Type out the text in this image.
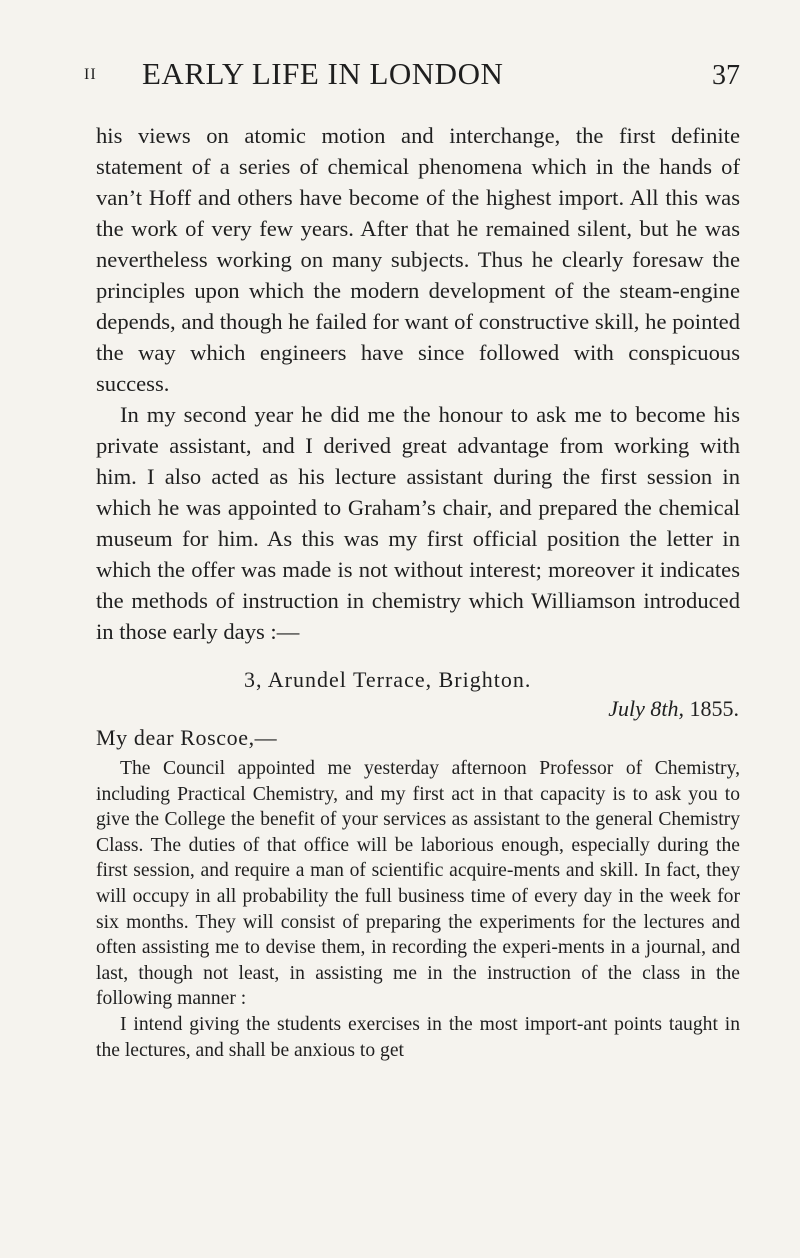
II EARLY LIFE IN LONDON	37

his views on atomic motion and interchange, the first definite statement of a series of chemical phenomena which in the hands of van’t Hoff and others have become of the highest import. All this was the work of very few years. After that he remained silent, but he was nevertheless working on many subjects. Thus he clearly foresaw the principles upon which the modern development of the steam-engine depends, and though he failed for want of constructive skill, he pointed the way which engineers have since followed with conspicuous success.

In my second year he did me the honour to ask me to become his private assistant, and I derived great advantage from working with him. I also acted as his lecture assistant during the first session in which he was appointed to Graham’s chair, and prepared the chemical museum for him. As this was my first official position the letter in which the offer was made is not without interest; moreover it indicates the methods of instruction in chemistry which Williamson introduced in those early days :—

3, Arundel Terrace, Brighton.
July 8th, 1855.
My dear Roscoe,—

The Council appointed me yesterday afternoon Professor of Chemistry, including Practical Chemistry, and my first act in that capacity is to ask you to give the College the benefit of your services as assistant to the general Chemistry Class. The duties of that office will be laborious enough, especially during the first session, and require a man of scientific acquire-ments and skill. In fact, they will occupy in all probability the full business time of every day in the week for six months. They will consist of preparing the experiments for the lectures and often assisting me to devise them, in recording the experi-ments in a journal, and last, though not least, in assisting me in the instruction of the class in the following manner :

I intend giving the students exercises in the most import-ant points taught in the lectures, and shall be anxious to get
